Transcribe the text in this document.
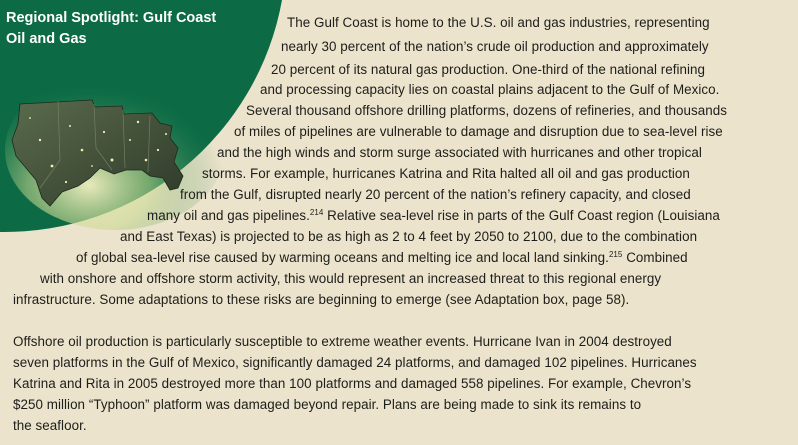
Regional Spotlight: Gulf Coast
Oil and Gas
The Gulf Coast is home to the U.S. oil and gas industries, representing
nearly 30 percent of the nation’s crude oil production and approximately
20 percent of its natural gas production. One-third of the national refining
and processing capacity lies on coastal plains adjacent to the Gulf of Mexico.
Several thousand offshore drilling platforms, dozens of refineries, and thousands
of miles of pipelines are vulnerable to damage and disruption due to sea-level rise
and the high winds and storm surge associated with hurricanes and other tropical
storms. For example, hurricanes Katrina and Rita halted all oil and gas production
from the Gulf, disrupted nearly 20 percent of the nation’s refinery capacity, and closed
many oil and gas pipelines.$^{214}$ Relative sea-level rise in parts of the Gulf Coast region (Louisiana
and East Texas) is projected to be as high as 2 to 4 feet by 2050 to 2100, due to the combination
of global sea-level rise caused by warming oceans and melting ice and local land sinking.$^{215}$ Combined
with onshore and offshore storm activity, this would represent an increased threat to this regional energy
infrastructure. Some adaptations to these risks are beginning to emerge (see Adaptation box, page 58).
Offshore oil production is particularly susceptible to extreme weather events. Hurricane Ivan in 2004 destroyed
seven platforms in the Gulf of Mexico, significantly damaged 24 platforms, and damaged 102 pipelines. Hurricanes
Katrina and Rita in 2005 destroyed more than 100 platforms and damaged 558 pipelines. For example, Chevron’s
$250 million “Typhoon” platform was damaged beyond repair. Plans are being made to sink its remains to
the seafloor.
